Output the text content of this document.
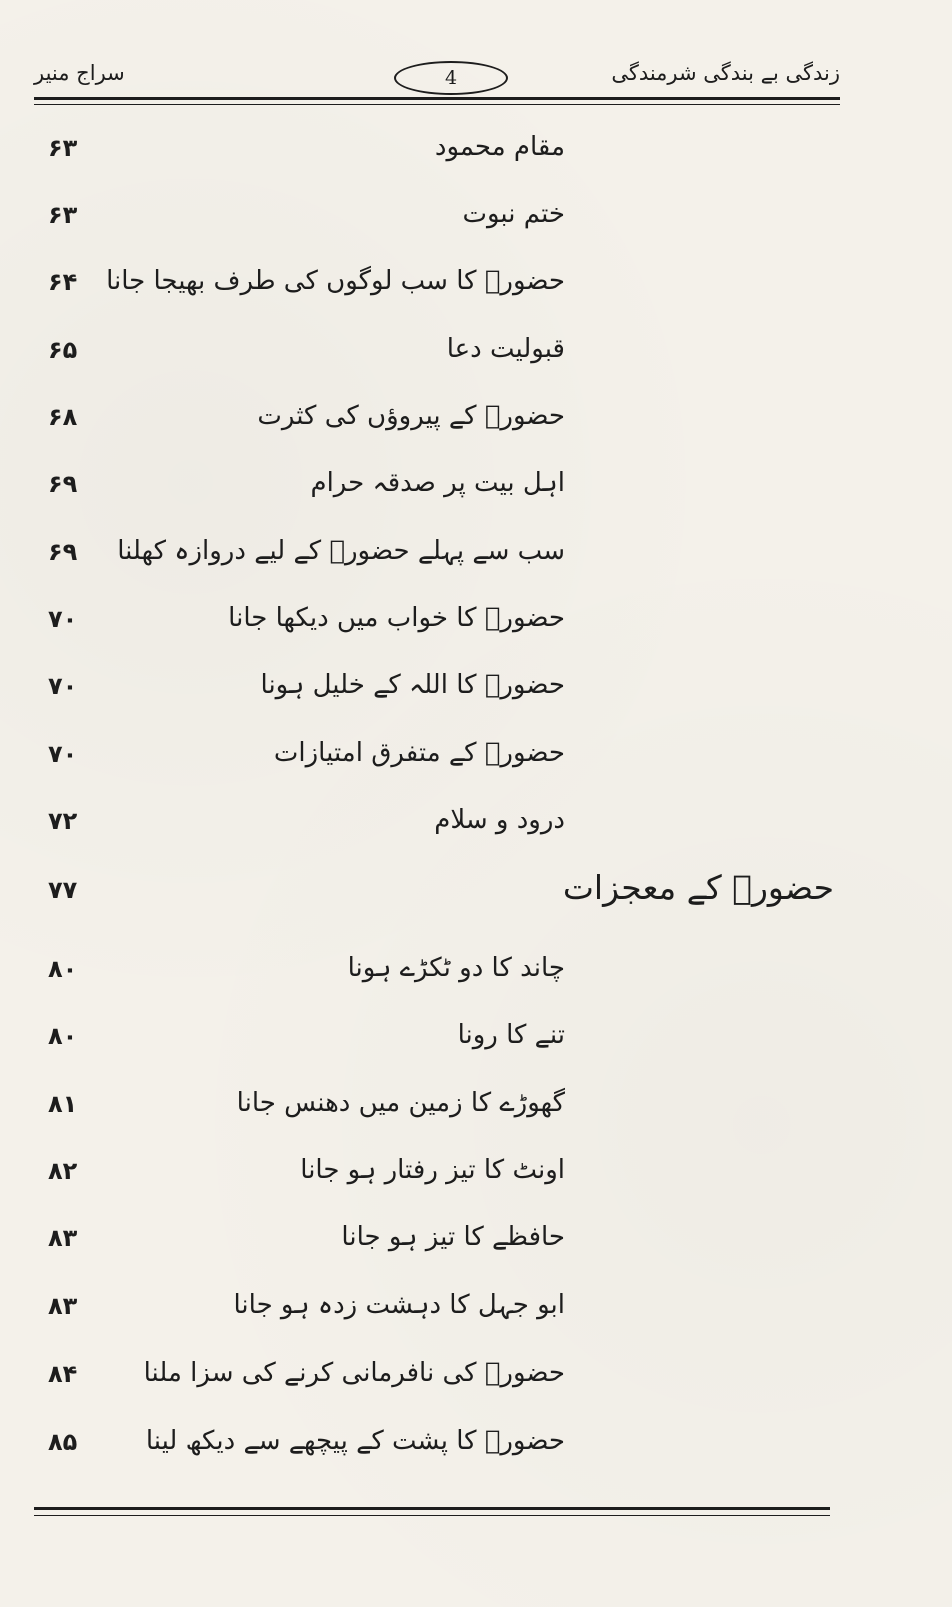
سراج منیر	4	زندگی بے بندگی شرمندگی
مقام محمود
۶۳
ختم نبوت
۶۳
حضورؐ کا سب لوگوں کی طرف بھیجا جانا
۶۴
قبولیت دعا
۶۵
حضورؐ کے پیروؤں کی کثرت
۶۸
اہل بیت پر صدقہ حرام
۶۹
سب سے پہلے حضورؐ کے لیے دروازہ کھلنا
۶۹
حضورؐ کا خواب میں دیکھا جانا
۷۰
حضورؐ کا اللہ کے خلیل ہونا
۷۰
حضورؐ کے متفرق امتیازات
۷۰
درود و سلام
۷۲
حضورؐ کے معجزات
۷۷
چاند کا دو ٹکڑے ہونا
۸۰
تنے کا رونا
۸۰
گھوڑے کا زمین میں دھنس جانا
۸۱
اونٹ کا تیز رفتار ہو جانا
۸۲
حافظے کا تیز ہو جانا
۸۳
ابو جہل کا دہشت زدہ ہو جانا
۸۳
حضورؐ کی نافرمانی کرنے کی سزا ملنا
۸۴
حضورؐ کا پشت کے پیچھے سے دیکھ لینا
۸۵
